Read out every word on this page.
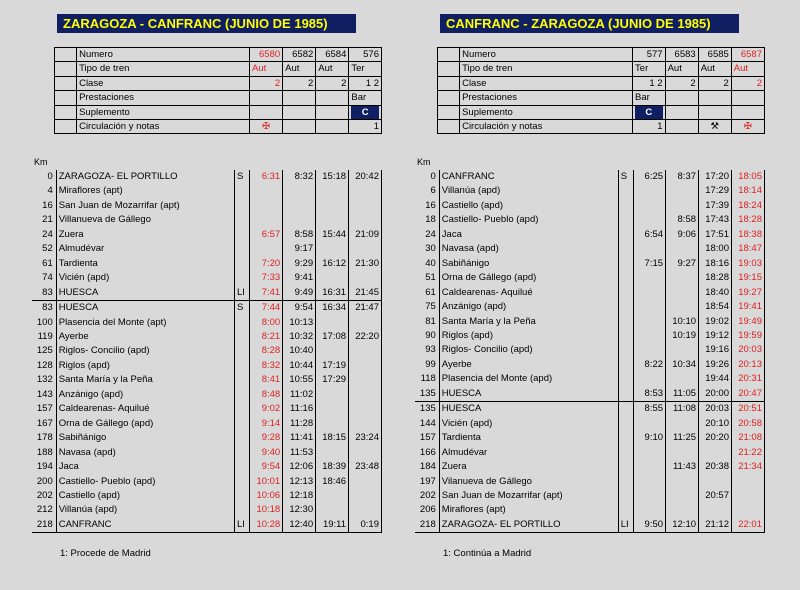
ZARAGOZA - CANFRANC (JUNIO DE 1985)
		Numero	6580	6582	6584	576
		Tipo de tren	Aut	Aut	Aut	Ter
		Clase	2	2	2	1 2
		Prestaciones				Bar
		Suplemento				C
		Circulación y notas	✠			1
Km
0	ZARAGOZA- EL PORTILLO	S	6:31	8:32	15:18	20:42
4	Miraflores (apt)					
16	San Juan de Mozarrifar (apt)					
21	Villanueva de Gállego					
24	Zuera		6:57	8:58	15:44	21:09
52	Almudévar			9:17		
61	Tardienta		7:20	9:29	16:12	21:30
74	Vicién (apd)		7:33	9:41		
83	HUESCA	LI	7:41	9:49	16:31	21:45
83	HUESCA	S	7:44	9:54	16:34	21:47
100	Plasencia del Monte (apt)		8:00	10:13		
119	Ayerbe		8:21	10:32	17:08	22:20
125	Riglos- Concilio (apd)		8:28	10:40		
128	Riglos (apd)		8:32	10:44	17:19	
132	Santa María y la Peña		8:41	10:55	17:29	
143	Anzánigo (apd)		8:48	11:02		
157	Caldearenas- Aquilué		9:02	11:16		
167	Orna de Gállego (apd)		9:14	11:28		
178	Sabiñánigo		9:28	11:41	18:15	23:24
188	Navasa (apd)		9:40	11:53		
194	Jaca		9:54	12:06	18:39	23:48
200	Castiello- Pueblo (apd)		10:01	12:13	18:46	
202	Castiello (apd)		10:06	12:18		
212	Villanúa (apd)		10:18	12:30		
218	CANFRANC	LI	10:28	12:40	19:11	0:19
1: Procede de Madrid
CANFRANC - ZARAGOZA (JUNIO DE 1985)
		Numero	577	6583	6585	6587
		Tipo de tren	Ter	Aut	Aut	Aut
		Clase	1 2	2	2	2
		Prestaciones	Bar			
		Suplemento	C			
		Circulación y notas	1		⚒	✠
Km
0	CANFRANC	S	6:25	8:37	17:20	18:05
6	Villanúa (apd)				17:29	18:14
16	Castiello (apd)				17:39	18:24
18	Castiello- Pueblo (apd)			8:58	17:43	18:28
24	Jaca		6:54	9:06	17:51	18:38
30	Navasa (apd)				18:00	18:47
40	Sabiñánigo		7:15	9:27	18:16	19:03
51	Orna de Gállego (apd)				18:28	19:15
61	Caldearenas- Aquilué				18:40	19:27
75	Anzánigo (apd)				18:54	19:41
81	Santa María y la Peña			10:10	19:02	19:49
90	Riglos (apd)			10:19	19:12	19:59
93	Riglos- Concilio (apd)				19:16	20:03
99	Ayerbe		8:22	10:34	19:26	20:13
118	Plasencia del Monte (apd)				19:44	20:31
135	HUESCA		8:53	11:05	20:00	20:47
135	HUESCA		8:55	11:08	20:03	20:51
144	Vicién (apd)				20:10	20:58
157	Tardienta		9:10	11:25	20:20	21:08
166	Almudévar					21:22
184	Zuera			11:43	20:38	21:34
197	Vilanueva de Gállego					
202	San Juan de Mozarrifar (apt)				20:57	
206	Miraflores (apt)					
218	ZARAGOZA- EL PORTILLO	LI	9:50	12:10	21:12	22:01
1: Continúa a Madrid
